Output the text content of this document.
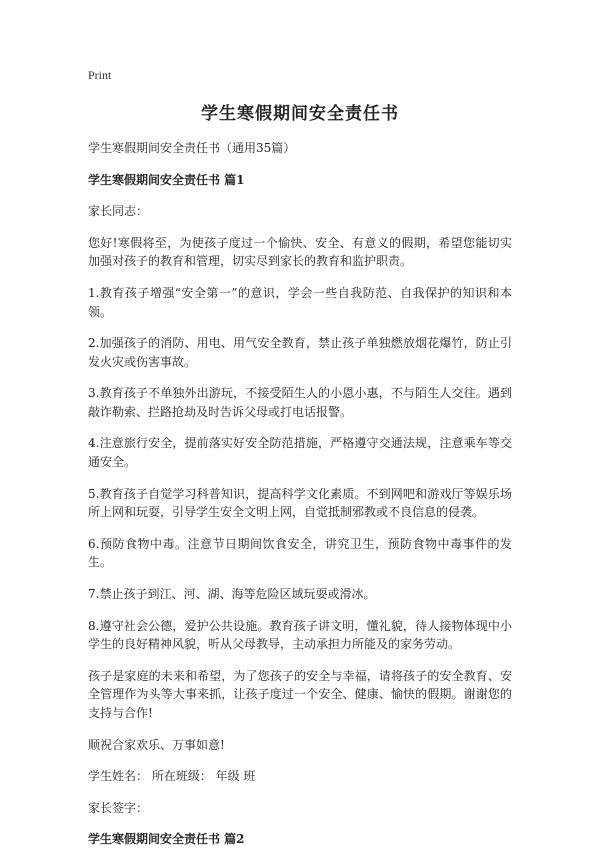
Print
学生寒假期间安全责任书

学生寒假期间安全责任书（通用35篇）

学生寒假期间安全责任书 篇1

家长同志：

您好!寒假将至，为使孩子度过一个愉快、安全、有意义的假期，希望您能切实加强对孩子的教育和管理，切实尽到家长的教育和监护职责。

1.教育孩子增强“安全第一”的意识，学会一些自我防范、自我保护的知识和本领。

2.加强孩子的消防、用电、用气安全教育，禁止孩子单独燃放烟花爆竹，防止引发火灾或伤害事故。

3.教育孩子不单独外出游玩，不接受陌生人的小恩小惠，不与陌生人交往。遇到敲诈勒索、拦路抢劫及时告诉父母或打电话报警。

4.注意旅行安全，提前落实好安全防范措施，严格遵守交通法规，注意乘车等交通安全。

5.教育孩子自觉学习科普知识，提高科学文化素质。不到网吧和游戏厅等娱乐场所上网和玩耍，引导学生安全文明上网，自觉抵制邪教或不良信息的侵袭。

6.预防食物中毒。注意节日期间饮食安全，讲究卫生，预防食物中毒事件的发生。

7.禁止孩子到江、河、湖、海等危险区域玩耍或滑冰。

8.遵守社会公德，爱护公共设施。教育孩子讲文明，懂礼貌，待人接物体现中小学生的良好精神风貌，听从父母教导，主动承担力所能及的家务劳动。

孩子是家庭的未来和希望，为了您孩子的安全与幸福，请将孩子的安全教育、安全管理作为头等大事来抓，让孩子度过一个安全、健康、愉快的假期。谢谢您的支持与合作!

顺祝合家欢乐、万事如意!

学生姓名： 所在班级： 年级 班

家长签字：

学生寒假期间安全责任书 篇2
